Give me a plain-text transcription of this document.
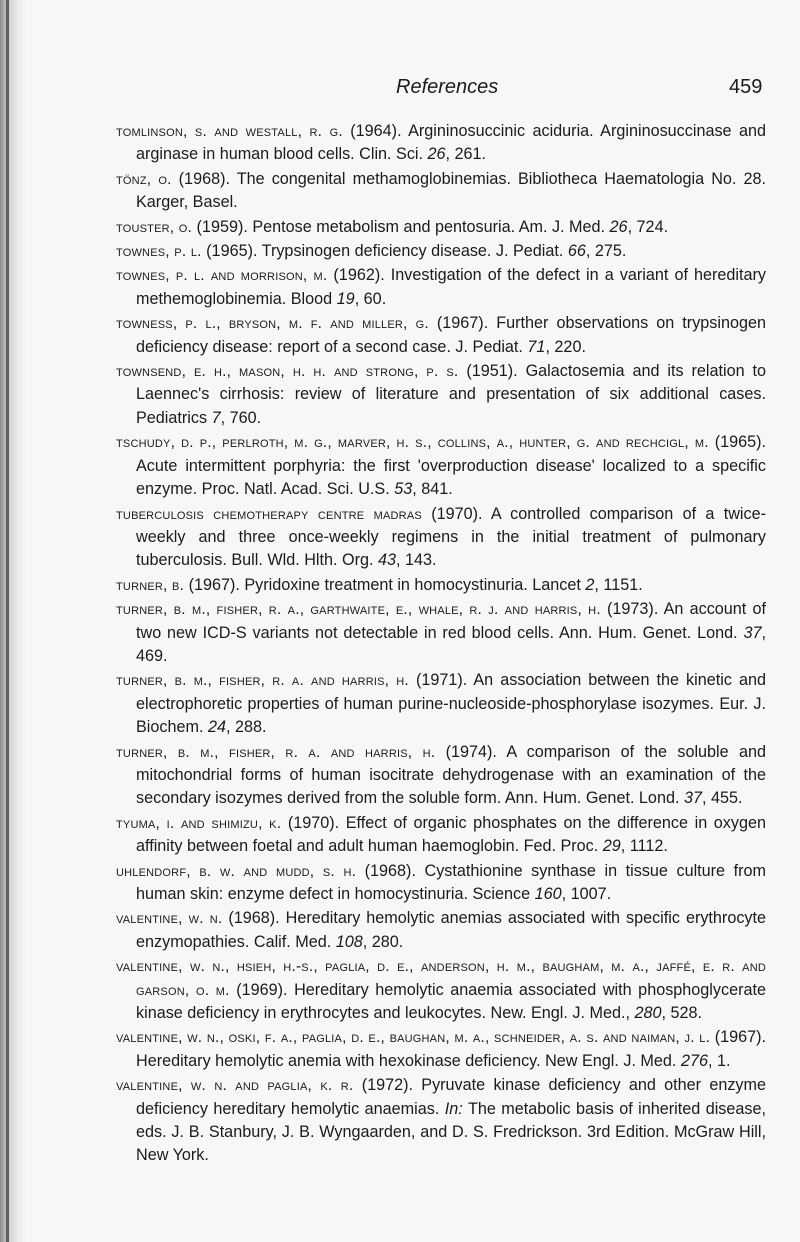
References	459

tomlinson, s. and westall, r. g. (1964). Argininosuccinic aciduria. Argininosuccinase and arginase in human blood cells. Clin. Sci. 26, 261.

tönz, o. (1968). The congenital methamoglobinemias. Bibliotheca Haematologia No. 28. Karger, Basel.

touster, o. (1959). Pentose metabolism and pentosuria. Am. J. Med. 26, 724.

townes, p. l. (1965). Trypsinogen deficiency disease. J. Pediat. 66, 275.

townes, p. l. and morrison, m. (1962). Investigation of the defect in a variant of hereditary methemoglobinemia. Blood 19, 60.

towness, p. l., bryson, m. f. and miller, g. (1967). Further observations on trypsinogen deficiency disease: report of a second case. J. Pediat. 71, 220.

townsend, e. h., mason, h. h. and strong, p. s. (1951). Galactosemia and its relation to Laennec's cirrhosis: review of literature and presentation of six additional cases. Pediatrics 7, 760.

tschudy, d. p., perlroth, m. g., marver, h. s., collins, a., hunter, g. and rechcigl, m. (1965). Acute intermittent porphyria: the first 'overproduction disease' localized to a specific enzyme. Proc. Natl. Acad. Sci. U.S. 53, 841.

tuberculosis chemotherapy centre madras (1970). A controlled comparison of a twice-weekly and three once-weekly regimens in the initial treatment of pulmonary tuberculosis. Bull. Wld. Hlth. Org. 43, 143.

turner, b. (1967). Pyridoxine treatment in homocystinuria. Lancet 2, 1151.

turner, b. m., fisher, r. a., garthwaite, e., whale, r. j. and harris, h. (1973). An account of two new ICD-S variants not detectable in red blood cells. Ann. Hum. Genet. Lond. 37, 469.

turner, b. m., fisher, r. a. and harris, h. (1971). An association between the kinetic and electrophoretic properties of human purine-nucleoside-phosphorylase isozymes. Eur. J. Biochem. 24, 288.

turner, b. m., fisher, r. a. and harris, h. (1974). A comparison of the soluble and mitochondrial forms of human isocitrate dehydrogenase with an examination of the secondary isozymes derived from the soluble form. Ann. Hum. Genet. Lond. 37, 455.

tyuma, i. and shimizu, k. (1970). Effect of organic phosphates on the difference in oxygen affinity between foetal and adult human haemoglobin. Fed. Proc. 29, 1112.

uhlendorf, b. w. and mudd, s. h. (1968). Cystathionine synthase in tissue culture from human skin: enzyme defect in homocystinuria. Science 160, 1007.

valentine, w. n. (1968). Hereditary hemolytic anemias associated with specific erythrocyte enzymopathies. Calif. Med. 108, 280.

valentine, w. n., hsieh, h.-s., paglia, d. e., anderson, h. m., baugham, m. a., jaffé, e. r. and garson, o. m. (1969). Hereditary hemolytic anaemia associated with phosphoglycerate kinase deficiency in erythrocytes and leukocytes. New. Engl. J. Med., 280, 528.

valentine, w. n., oski, f. a., paglia, d. e., baughan, m. a., schneider, a. s. and naiman, j. l. (1967). Hereditary hemolytic anemia with hexokinase deficiency. New Engl. J. Med. 276, 1.

valentine, w. n. and paglia, k. r. (1972). Pyruvate kinase deficiency and other enzyme deficiency hereditary hemolytic anaemias. In: The metabolic basis of inherited disease, eds. J. B. Stanbury, J. B. Wyngaarden, and D. S. Fredrickson. 3rd Edition. McGraw Hill, New York.
